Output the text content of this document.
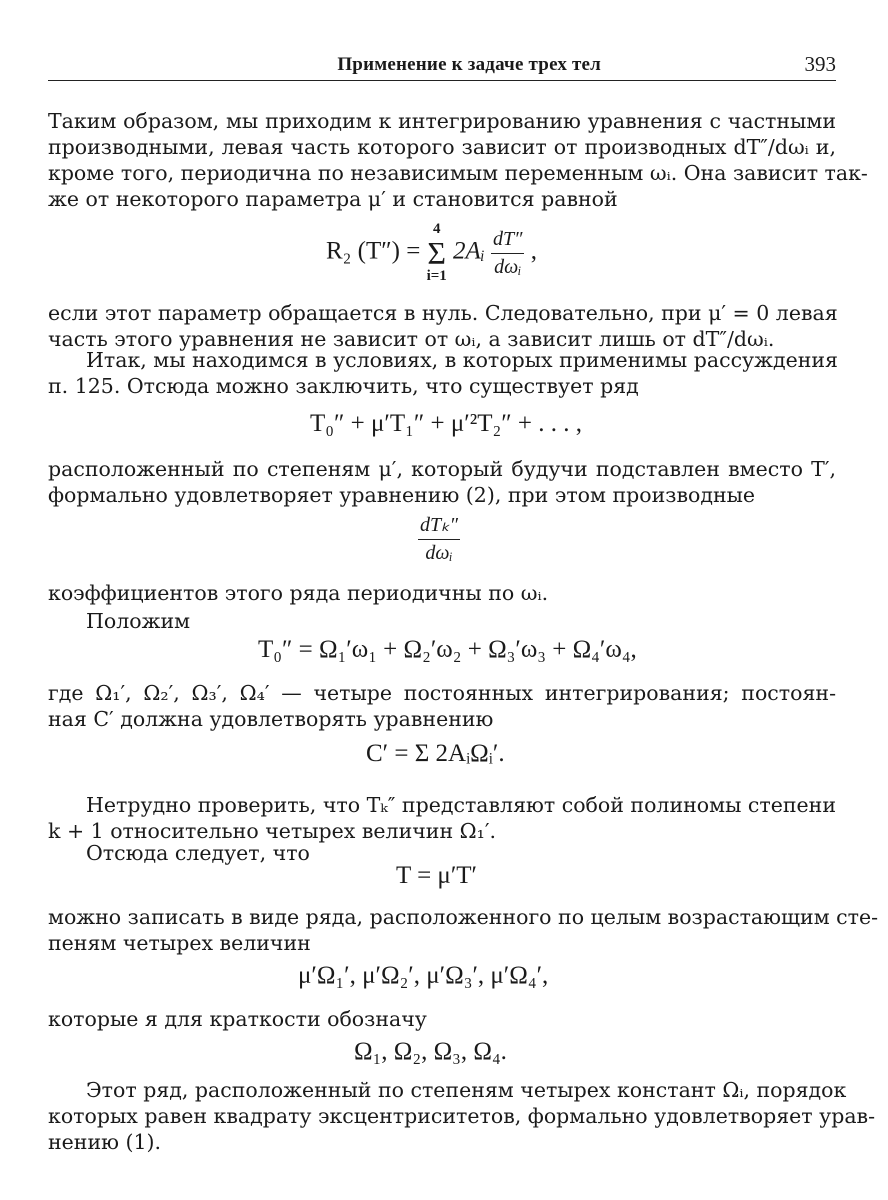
Применение к задаче трех тел	393

Таким образом, мы приходим к интегрированию уравнения с частными
производными, левая часть которого зависит от производных dT″/dωᵢ и,
кроме того, периодична по независимым переменным ωᵢ. Она зависит так-
же от некоторого параметра μ′ и становится равной

R₂ (T″) =
4
Σ
i=1
2Aᵢ $\frac{dT''}{\text{dωᵢ}}$ ,

если этот параметр обращается в нуль. Следовательно, при μ′ = 0 левая
часть этого уравнения не зависит от ωᵢ, а зависит лишь от dT″/dωᵢ.

Итак, мы находимся в условиях, в которых применимы рассуждения
п. 125. Отсюда можно заключить, что существует ряд

T₀″ + μ′T₁″ + μ′²T₂″ + . . . ,

расположенный по степеням μ′, который будучи подставлен вместо T′,
формально удовлетворяет уравнению (2), при этом производные

$\frac{\text{dTₖ″}}{\text{dωᵢ}}$

коэффициентов этого ряда периодичны по ωᵢ.

Положим

T₀″ = Ω₁′ω₁ + Ω₂′ω₂ + Ω₃′ω₃ + Ω₄′ω₄,

где Ω₁′, Ω₂′, Ω₃′, Ω₄′ — четыре постоянных интегрирования; постоян-
ная C′ должна удовлетворять уравнению

C′ = Σ 2AᵢΩᵢ′.

Нетрудно проверить, что Tₖ″ представляют собой полиномы степени
k + 1 относительно четырех величин Ω₁′.

Отсюда следует, что

T = μ′T′

можно записать в виде ряда, расположенного по целым возрастающим сте-
пеням четырех величин

μ′Ω₁′, μ′Ω₂′, μ′Ω₃′, μ′Ω₄′,

которые я для краткости обозначу

Ω₁, Ω₂, Ω₃, Ω₄.

Этот ряд, расположенный по степеням четырех констант Ωᵢ, порядок
которых равен квадрату эксцентриситетов, формально удовлетворяет урав-
нению (1).
